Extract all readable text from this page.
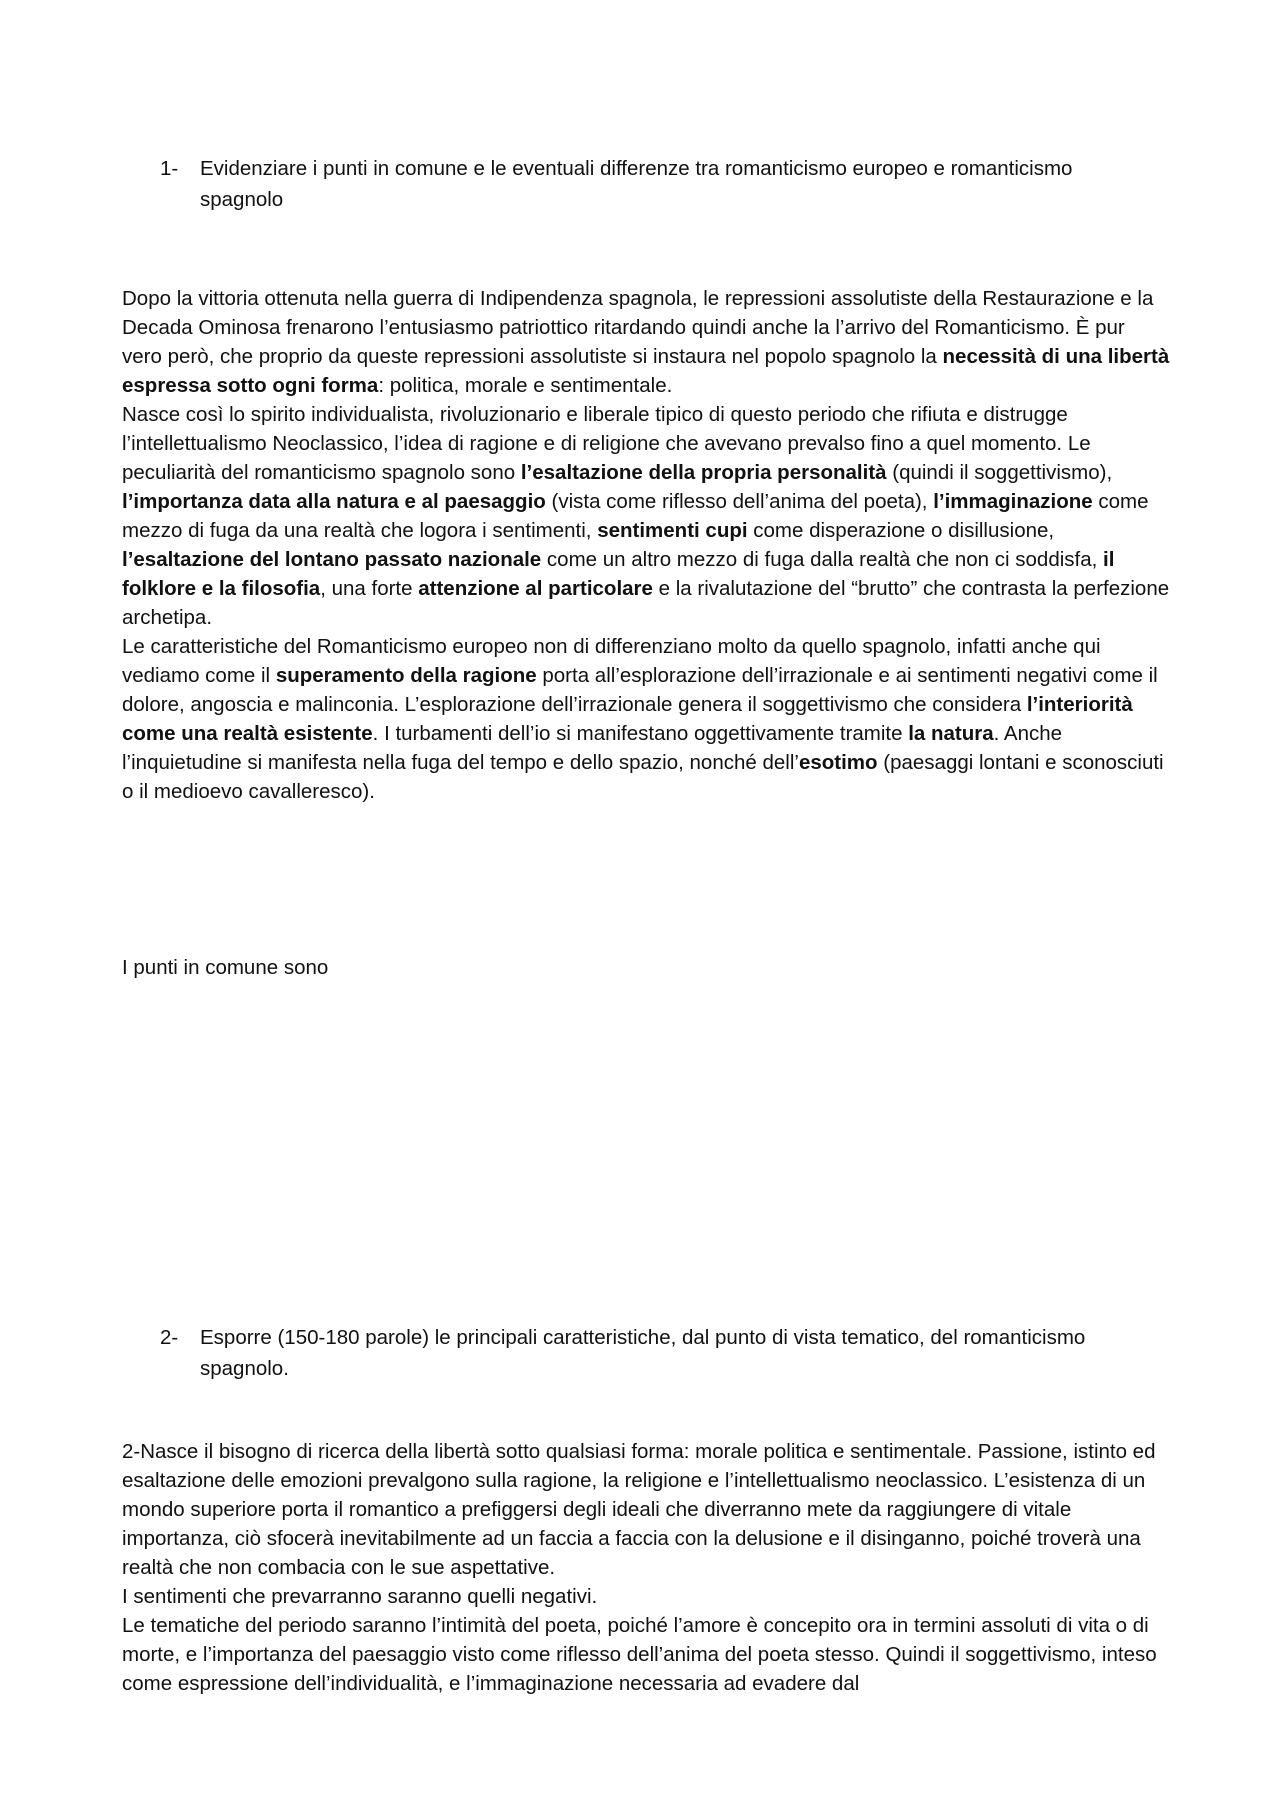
1- Evidenziare i punti in comune e le eventuali differenze tra romanticismo europeo e romanticismo spagnolo

Dopo la vittoria ottenuta nella guerra di Indipendenza spagnola, le repressioni assolutiste della Restaurazione e la Decada Ominosa frenarono l’entusiasmo patriottico ritardando quindi anche la l’arrivo del Romanticismo. È pur vero però, che proprio da queste repressioni assolutiste si instaura nel popolo spagnolo la necessità di una libertà espressa sotto ogni forma: politica, morale e sentimentale.

Nasce così lo spirito individualista, rivoluzionario e liberale tipico di questo periodo che rifiuta e distrugge l’intellettualismo Neoclassico, l’idea di ragione e di religione che avevano prevalso fino a quel momento. Le peculiarità del romanticismo spagnolo sono l’esaltazione della propria personalità (quindi il soggettivismo), l’importanza data alla natura e al paesaggio (vista come riflesso dell’anima del poeta), l’immaginazione come mezzo di fuga da una realtà che logora i sentimenti, sentimenti cupi come disperazione o disillusione, l’esaltazione del lontano passato nazionale come un altro mezzo di fuga dalla realtà che non ci soddisfa, il folklore e la filosofia, una forte attenzione al particolare e la rivalutazione del “brutto” che contrasta la perfezione archetipa.

Le caratteristiche del Romanticismo europeo non di differenziano molto da quello spagnolo, infatti anche qui vediamo come il superamento della ragione porta all’esplorazione dell’irrazionale e ai sentimenti negativi come il dolore, angoscia e malinconia. L’esplorazione dell’irrazionale genera il soggettivismo che considera l’interiorità come una realtà esistente. I turbamenti dell’io si manifestano oggettivamente tramite la natura. Anche l’inquietudine si manifesta nella fuga del tempo e dello spazio, nonché dell’esotimo (paesaggi lontani e sconosciuti o il medioevo cavalleresco).

I punti in comune sono
2- Esporre (150-180 parole) le principali caratteristiche, dal punto di vista tematico, del romanticismo spagnolo.

2-Nasce il bisogno di ricerca della libertà sotto qualsiasi forma: morale politica e sentimentale. Passione, istinto ed esaltazione delle emozioni prevalgono sulla ragione, la religione e l’intellettualismo neoclassico. L’esistenza di un mondo superiore porta il romantico a prefiggersi degli ideali che diverranno mete da raggiungere di vitale importanza, ciò sfocerà inevitabilmente ad un faccia a faccia con la delusione e il disinganno, poiché troverà una realtà che non combacia con le sue aspettative.

I sentimenti che prevarranno saranno quelli negativi.

Le tematiche del periodo saranno l’intimità del poeta, poiché l’amore è concepito ora in termini assoluti di vita o di morte, e l’importanza del paesaggio visto come riflesso dell’anima del poeta stesso. Quindi il soggettivismo, inteso come espressione dell’individualità, e l’immaginazione necessaria ad evadere dal
